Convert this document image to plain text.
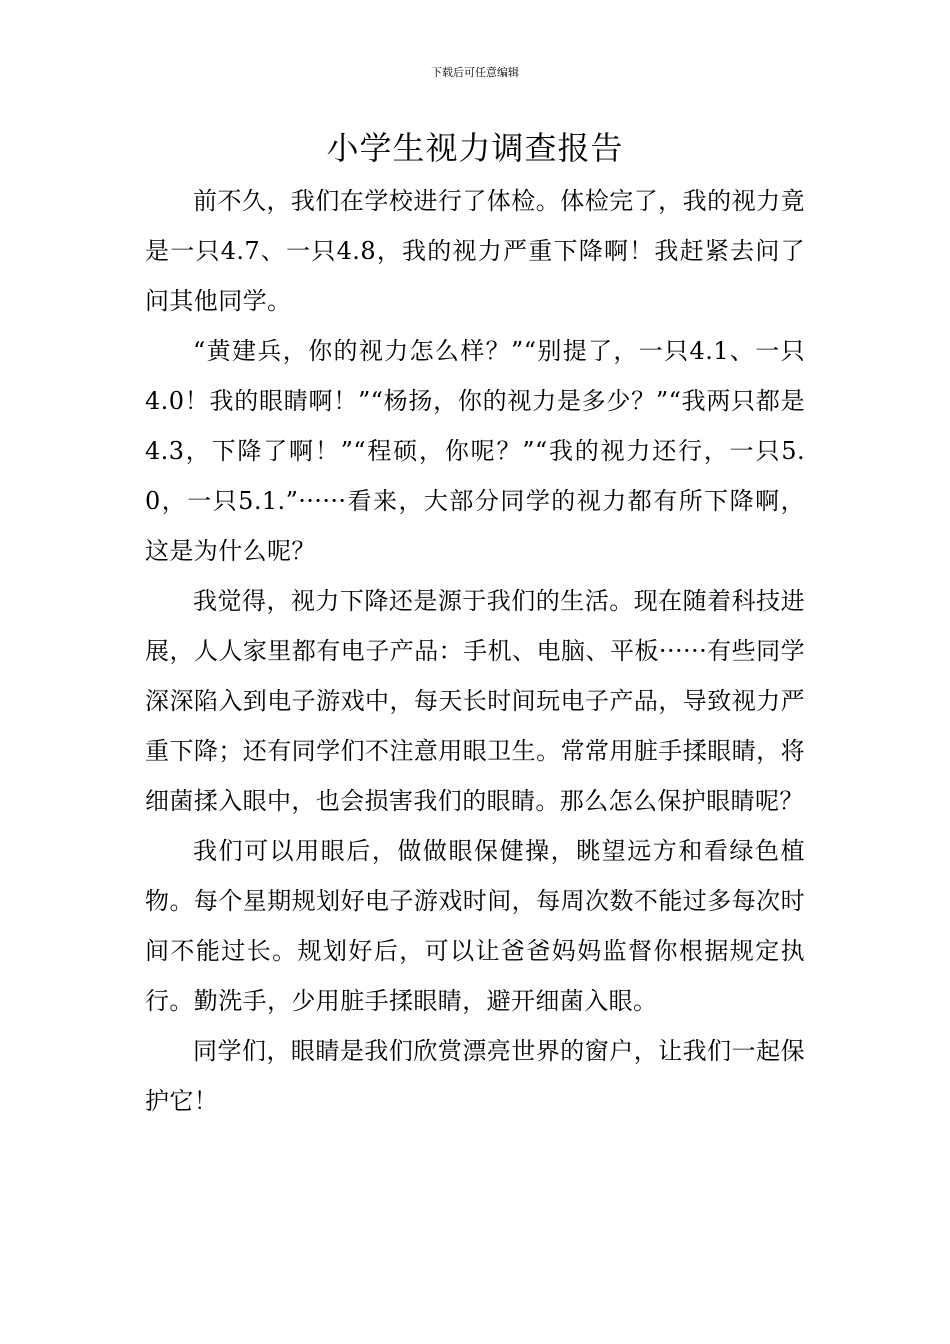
下载后可任意编辑
小学生视力调查报告

前不久，我们在学校进行了体检。体检完了，我的视力竟是一只4.7、一只4.8，我的视力严重下降啊！我赶紧去问了问其他同学。

“黄建兵，你的视力怎么样？”“别提了，一只4.1、一只4.0！我的眼睛啊！”“杨扬，你的视力是多少？”“我两只都是4.3，下降了啊！”“程硕，你呢？”“我的视力还行，一只5.0，一只5.1.”······看来，大部分同学的视力都有所下降啊，这是为什么呢？

我觉得，视力下降还是源于我们的生活。现在随着科技进展，人人家里都有电子产品：手机、电脑、平板······有些同学深深陷入到电子游戏中，每天长时间玩电子产品，导致视力严重下降；还有同学们不注意用眼卫生。常常用脏手揉眼睛，将细菌揉入眼中，也会损害我们的眼睛。那么怎么保护眼睛呢？

我们可以用眼后，做做眼保健操，眺望远方和看绿色植物。每个星期规划好电子游戏时间，每周次数不能过多每次时间不能过长。规划好后，可以让爸爸妈妈监督你根据规定执行。勤洗手，少用脏手揉眼睛，避开细菌入眼。

同学们，眼睛是我们欣赏漂亮世界的窗户，让我们一起保护它！
